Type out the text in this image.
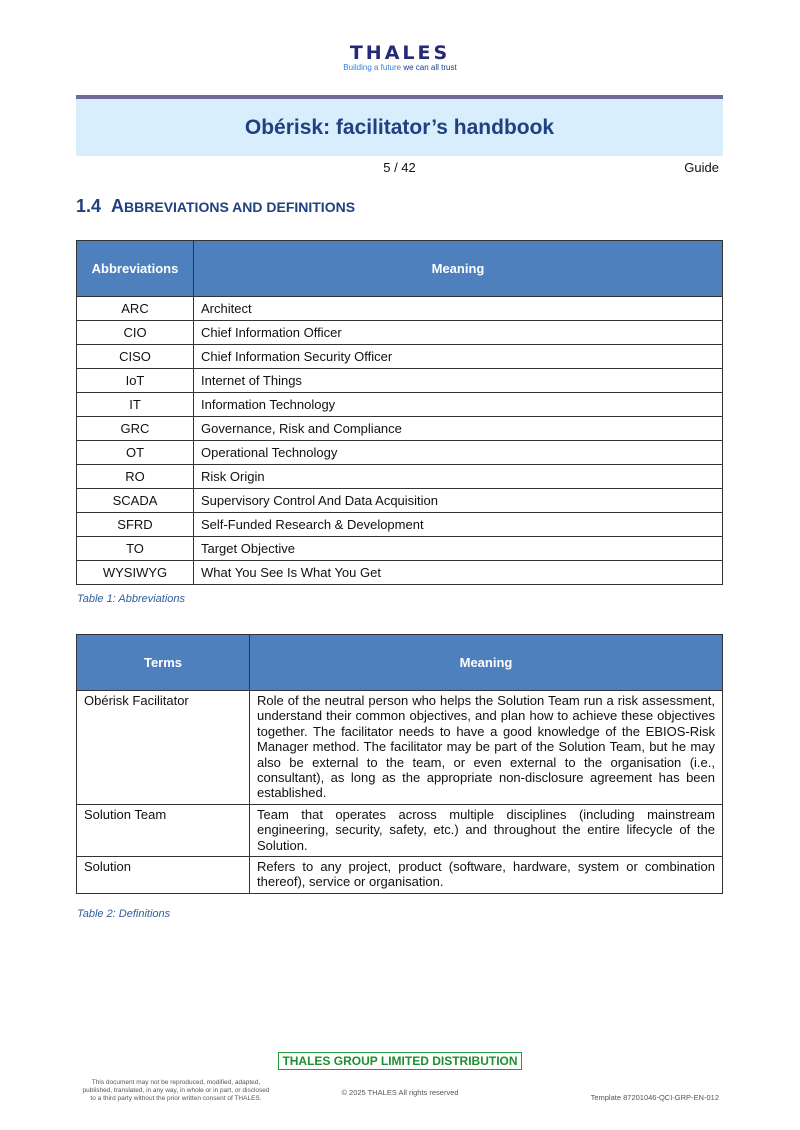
THALES
Building a future we can all trust
Obérisk: facilitator’s handbook
5 / 42	Guide
1.4 ABBREVIATIONS AND DEFINITIONS
Abbreviations	Meaning
ARC	Architect
CIO	Chief Information Officer
CISO	Chief Information Security Officer
IoT	Internet of Things
IT	Information Technology
GRC	Governance, Risk and Compliance
OT	Operational Technology
RO	Risk Origin
SCADA	Supervisory Control And Data Acquisition
SFRD	Self-Funded Research & Development
TO	Target Objective
WYSIWYG	What You See Is What You Get
Table 1: Abbreviations
Terms	Meaning
Obérisk Facilitator	Role of the neutral person who helps the Solution Team run a risk assessment, understand their common objectives, and plan how to achieve these objectives together. The facilitator needs to have a good knowledge of the EBIOS-Risk Manager method. The facilitator may be part of the Solution Team, but he may also be external to the team, or even external to the organisation (i.e., consultant), as long as the appropriate non-disclosure agreement has been established.
Solution Team	Team that operates across multiple disciplines (including mainstream engineering, security, safety, etc.) and throughout the entire lifecycle of the Solution.
Solution	Refers to any project, product (software, hardware, system or combination thereof), service or organisation.
Table 2: Definitions
THALES GROUP LIMITED DISTRIBUTION
This document may not be reproduced, modified, adapted,
published, translated, in any way, in whole or in part, or disclosed
to a third party without the prior written consent of THALES.
© 2025 THALES All rights reserved
Template 87201046-QCI-GRP-EN-012
